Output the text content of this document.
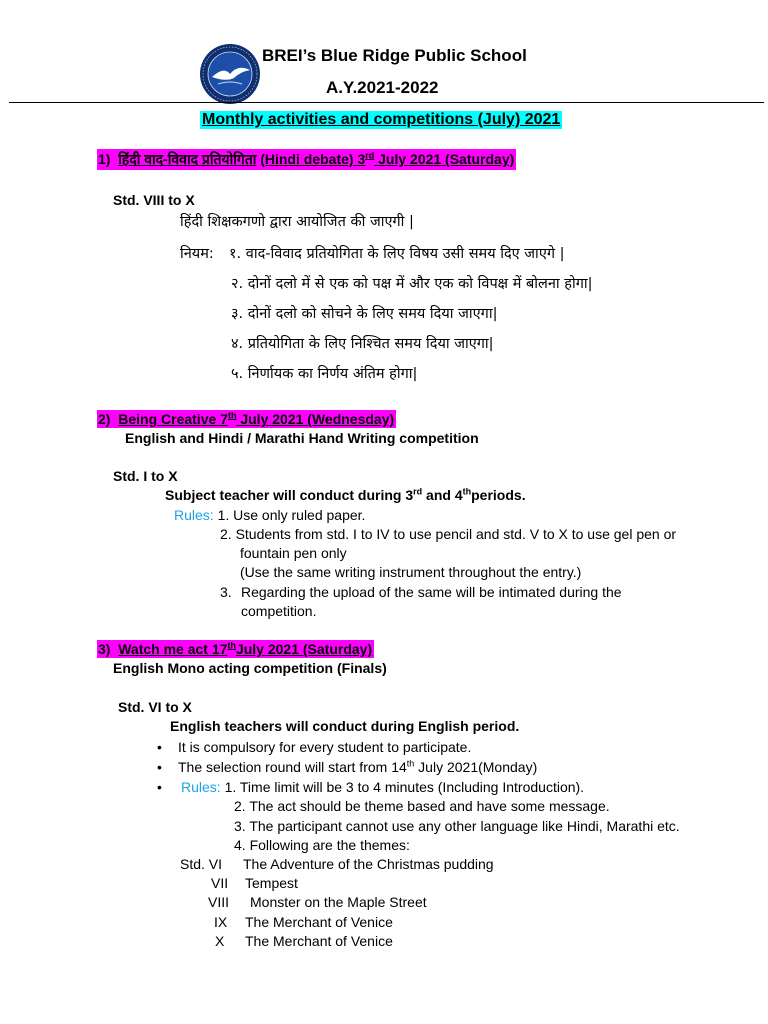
BREI’s Blue Ridge Public School
A.Y.2021-2022
Monthly activities and competitions (July) 2021
1) हिंदी वाद-विवाद प्रतियोगिता (Hindi debate) 3rd July 2021 (Saturday)
Std. VIII to X
हिंदी शिक्षकगणो द्वारा आयोजित की जाएगी |
नियम: १. वाद-विवाद प्रतियोगिता के लिए विषय उसी समय दिए जाएगे |
२. दोनों दलो में से एक को पक्ष में और एक को विपक्ष में बोलना होगा|
३. दोनों दलो को सोचने के लिए समय दिया जाएगा|
४. प्रतियोगिता के लिए निश्चित समय दिया जाएगा|
५. निर्णायक का निर्णय अंतिम होगा|
2) Being Creative 7th July 2021 (Wednesday)
English and Hindi / Marathi Hand Writing competition
Std. I to X
Subject teacher will conduct during 3rd and 4thperiods.
Rules: 1. Use only ruled paper.
2. Students from std. I to IV to use pencil and std. V to X to use gel pen or
fountain pen only
(Use the same writing instrument throughout the entry.)
3. Regarding the upload of the same will be intimated during the
competition.
3) Watch me act 17thJuly 2021 (Saturday)
English Mono acting competition (Finals)
Std. VI to X
English teachers will conduct during English period.
• It is compulsory for every student to participate.
• The selection round will start from 14th July 2021(Monday)
• Rules: 1. Time limit will be 3 to 4 minutes (Including Introduction).
2. The act should be theme based and have some message.
3. The participant cannot use any other language like Hindi, Marathi etc.
4. Following are the themes:
Std. VI The Adventure of the Christmas pudding
VII Tempest
VIII Monster on the Maple Street
IX The Merchant of Venice
X The Merchant of Venice
